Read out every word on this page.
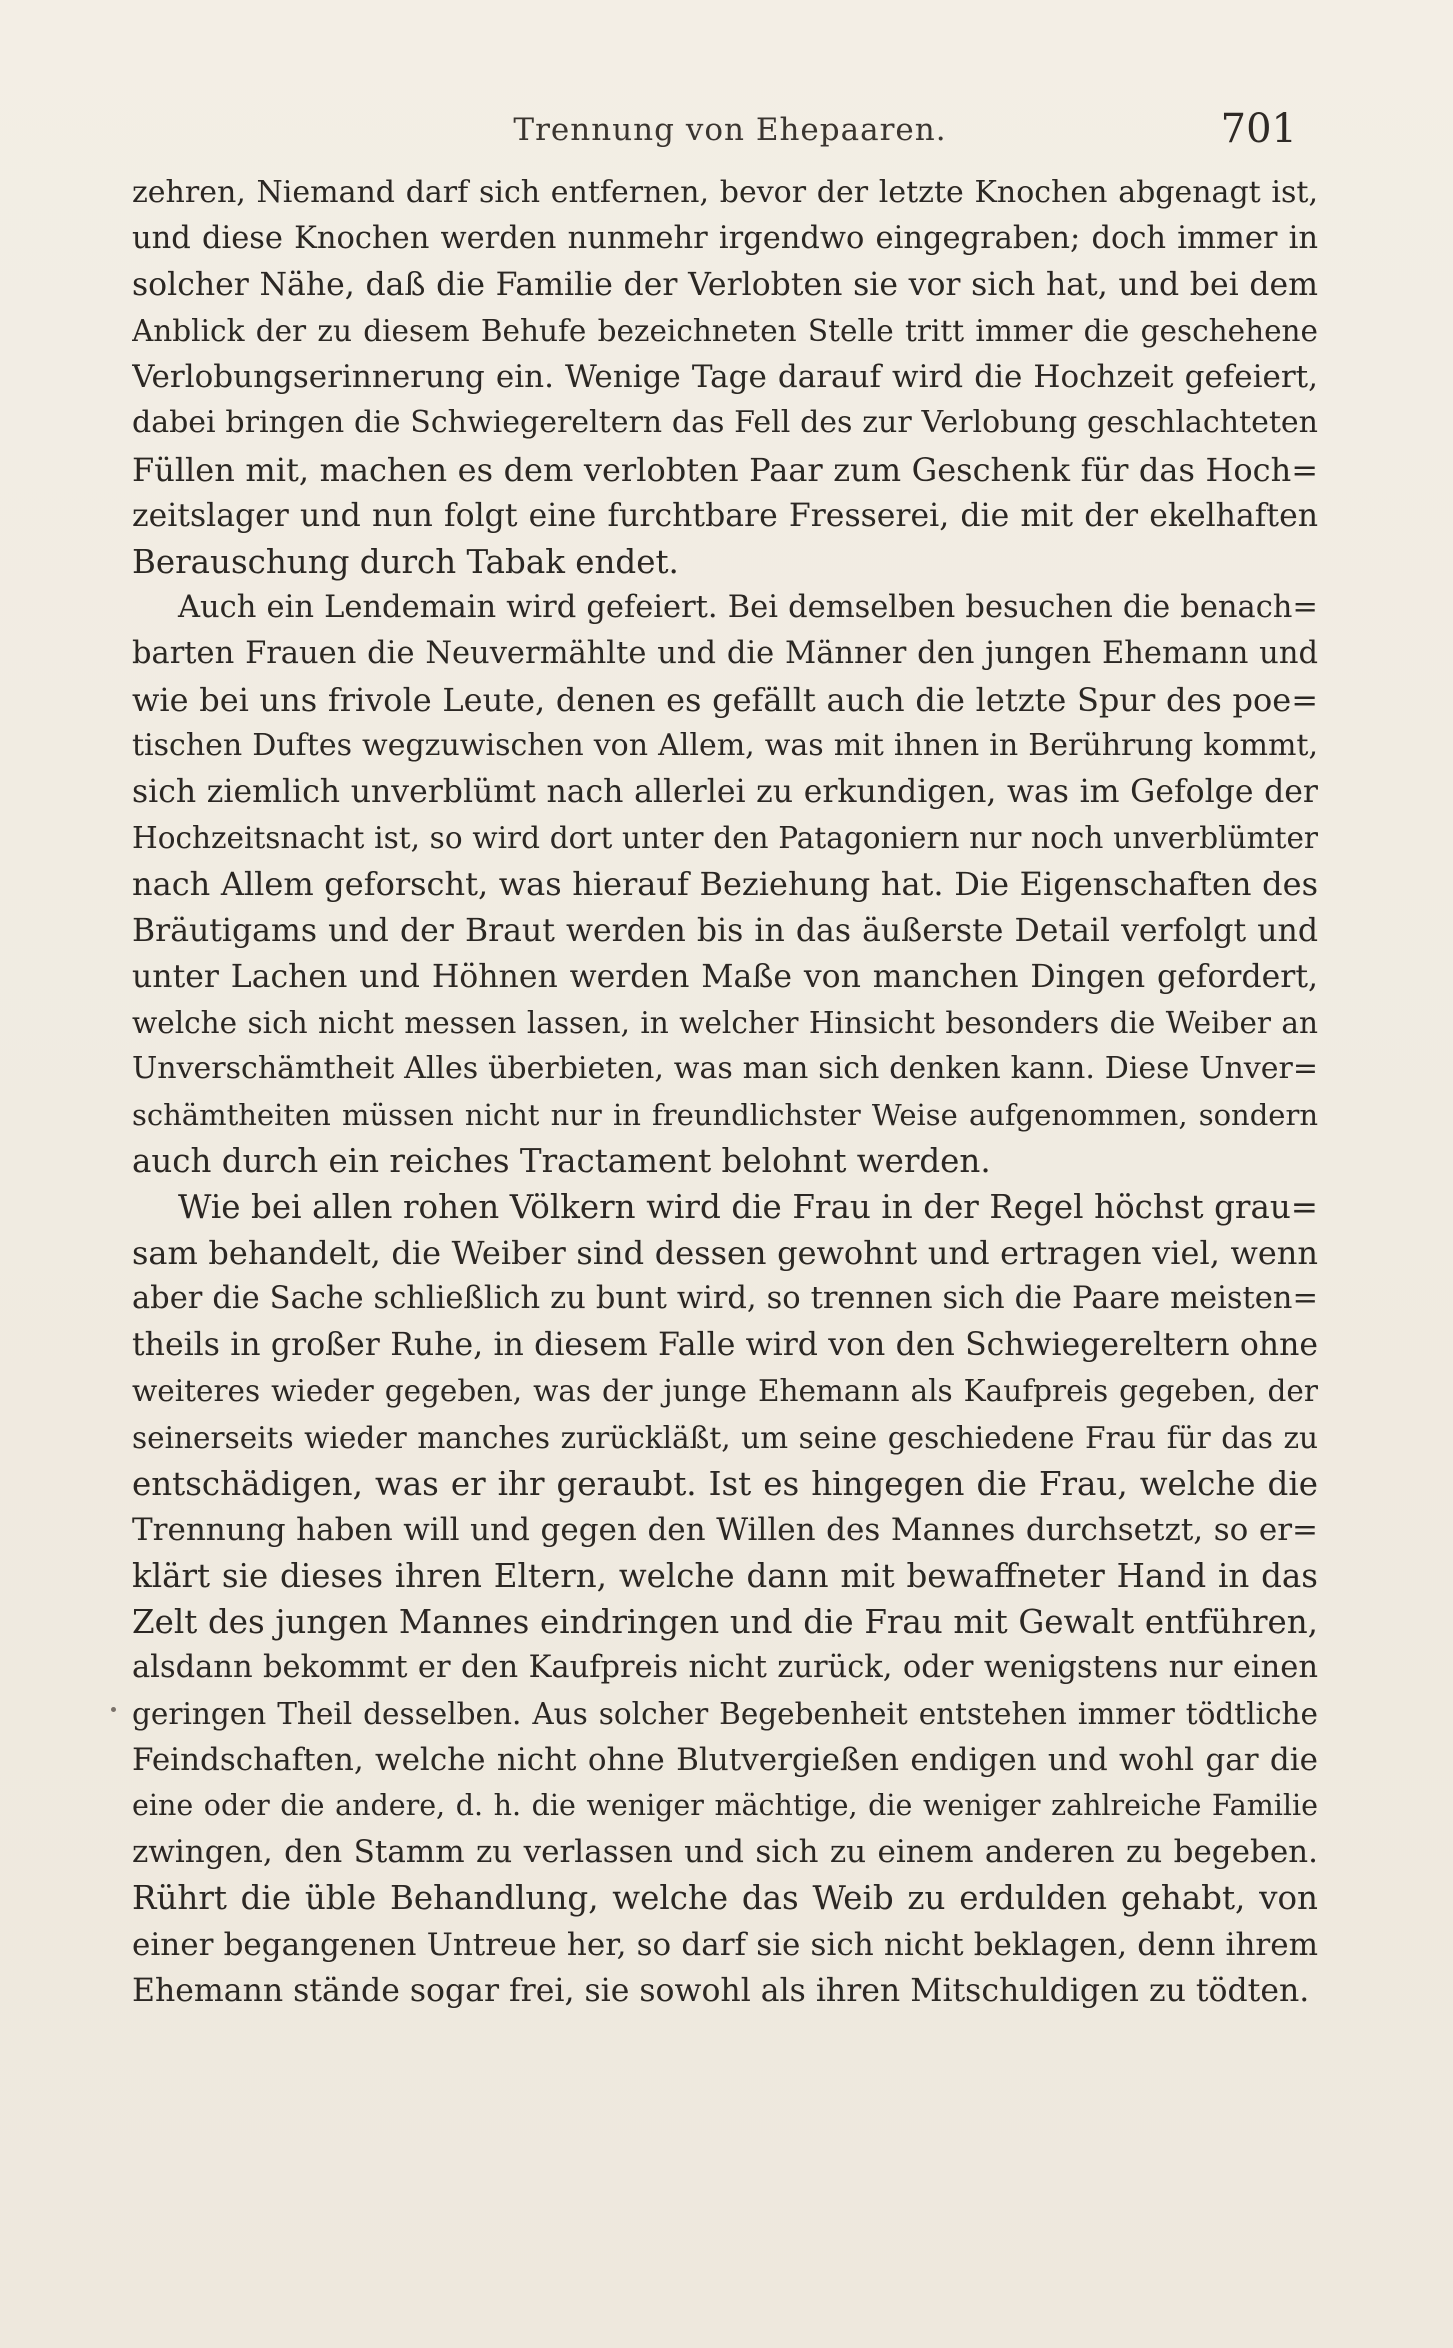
Trennung von Ehepaaren.	701
zehren, Niemand darf sich entfernen, bevor der letzte Knochen abgenagt ist,
und diese Knochen werden nunmehr irgendwo eingegraben; doch immer in
solcher Nähe, daß die Familie der Verlobten sie vor sich hat, und bei dem
Anblick der zu diesem Behufe bezeichneten Stelle tritt immer die geschehene
Verlobungserinnerung ein. Wenige Tage darauf wird die Hochzeit gefeiert,
dabei bringen die Schwiegereltern das Fell des zur Verlobung geschlachteten
Füllen mit, machen es dem verlobten Paar zum Geschenk für das Hoch=
zeitslager und nun folgt eine furchtbare Fresserei, die mit der ekelhaften
Berauschung durch Tabak endet.
Auch ein Lendemain wird gefeiert. Bei demselben besuchen die benach=
barten Frauen die Neuvermählte und die Männer den jungen Ehemann und
wie bei uns frivole Leute, denen es gefällt auch die letzte Spur des poe=
tischen Duftes wegzuwischen von Allem, was mit ihnen in Berührung kommt,
sich ziemlich unverblümt nach allerlei zu erkundigen, was im Gefolge der
Hochzeitsnacht ist, so wird dort unter den Patagoniern nur noch unverblümter
nach Allem geforscht, was hierauf Beziehung hat. Die Eigenschaften des
Bräutigams und der Braut werden bis in das äußerste Detail verfolgt und
unter Lachen und Höhnen werden Maße von manchen Dingen gefordert,
welche sich nicht messen lassen, in welcher Hinsicht besonders die Weiber an
Unverschämtheit Alles überbieten, was man sich denken kann. Diese Unver=
schämtheiten müssen nicht nur in freundlichster Weise aufgenommen, sondern
auch durch ein reiches Tractament belohnt werden.
Wie bei allen rohen Völkern wird die Frau in der Regel höchst grau=
sam behandelt, die Weiber sind dessen gewohnt und ertragen viel, wenn
aber die Sache schließlich zu bunt wird, so trennen sich die Paare meisten=
theils in großer Ruhe, in diesem Falle wird von den Schwiegereltern ohne
weiteres wieder gegeben, was der junge Ehemann als Kaufpreis gegeben, der
seinerseits wieder manches zurückläßt, um seine geschiedene Frau für das zu
entschädigen, was er ihr geraubt. Ist es hingegen die Frau, welche die
Trennung haben will und gegen den Willen des Mannes durchsetzt, so er=
klärt sie dieses ihren Eltern, welche dann mit bewaffneter Hand in das
Zelt des jungen Mannes eindringen und die Frau mit Gewalt entführen,
alsdann bekommt er den Kaufpreis nicht zurück, oder wenigstens nur einen
geringen Theil desselben. Aus solcher Begebenheit entstehen immer tödtliche
Feindschaften, welche nicht ohne Blutvergießen endigen und wohl gar die
eine oder die andere, d. h. die weniger mächtige, die weniger zahlreiche Familie
zwingen, den Stamm zu verlassen und sich zu einem anderen zu begeben.
Rührt die üble Behandlung, welche das Weib zu erdulden gehabt, von
einer begangenen Untreue her, so darf sie sich nicht beklagen, denn ihrem
Ehemann stände sogar frei, sie sowohl als ihren Mitschuldigen zu tödten.
